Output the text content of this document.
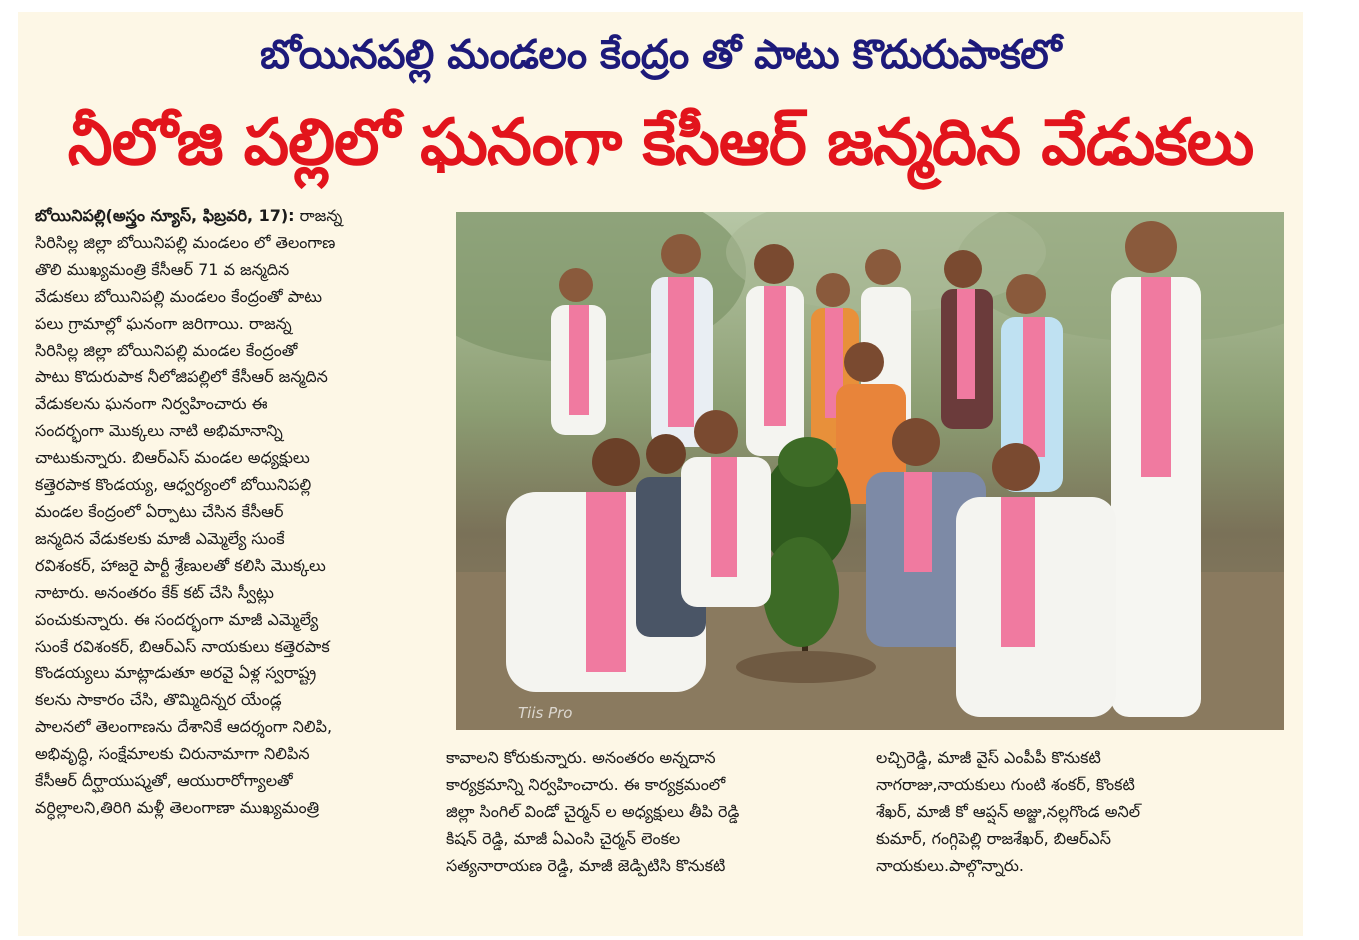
బోయినపల్లి మండలం కేంద్రం తో పాటు కొదురుపాకలో
నీలోజి పల్లిలో ఘనంగా కేసీఆర్ జన్మదిన వేడుకలు

బోయినిపల్లి(అస్త్రం న్యూస్, ఫిబ్రవరి, 17): రాజన్న

సిరిసిల్ల జిల్లా బోయినిపల్లి మండలం లో తెలంగాణ

తొలి ముఖ్యమంత్రి కేసీఆర్ 71 వ జన్మదిన

వేడుకలు బోయినిపల్లి మండలం కేంద్రంతో పాటు

పలు గ్రామాల్లో ఘనంగా జరిగాయి. రాజన్న

సిరిసిల్ల జిల్లా బోయినిపల్లి మండల కేంద్రంతో

పాటు కొదురుపాక నీలోజిపల్లిలో కేసీఆర్ జన్మదిన

వేడుకలను ఘనంగా నిర్వహించారు ఈ

సందర్భంగా మొక్కలు నాటి అభిమానాన్ని

చాటుకున్నారు. బిఆర్ఎస్ మండల అధ్యక్షులు

కత్తెరపాక కొండయ్య, ఆధ్వర్యంలో బోయినిపల్లి

మండల కేంద్రంలో ఏర్పాటు చేసిన కేసీఆర్

జన్మదిన వేడుకలకు మాజీ ఎమ్మెల్యే సుంకే

రవిశంకర్, హాజరై పార్టీ శ్రేణులతో కలిసి మొక్కలు

నాటారు. అనంతరం కేక్ కట్ చేసి స్వీట్లు

పంచుకున్నారు. ఈ సందర్భంగా మాజీ ఎమ్మెల్యే

సుంకే రవిశంకర్, బిఆర్ఎస్ నాయకులు కత్తెరపాక

కొండయ్యలు మాట్లాడుతూ అరవై ఏళ్ల స్వరాష్ట్ర

కలను సాకారం చేసి, తొమ్మిదిన్నర యేండ్ల

పాలనలో తెలంగాణను దేశానికే ఆదర్శంగా నిలిపి,

అభివృద్ధి, సంక్షేమాలకు చిరునామాగా నిలిపిన

కేసీఆర్ దీర్ఘాయుష్మతో, ఆయురారోగ్యాలతో

వర్ధిల్లాలని,తిరిగి మళ్లీ తెలంగాణా ముఖ్యమంత్రి

Tiis Pro
కావాలని కోరుకున్నారు. అనంతరం అన్నదాన
కార్యక్రమాన్ని నిర్వహించారు. ఈ కార్యక్రమంలో
జిల్లా సింగిల్ విండో చైర్మన్ ల అధ్యక్షులు తీపి రెడ్డి
కిషన్ రెడ్డి, మాజీ ఏఎంసి చైర్మన్ లెంకల
సత్యనారాయణ రెడ్డి, మాజీ జెడ్పిటిసి కొనుకటి
లచ్చిరెడ్డి, మాజీ వైస్ ఎంపీపీ కొనుకటి
నాగరాజు,నాయకులు గుంటి శంకర్, కొంకటి
శేఖర్, మాజీ కో ఆప్షన్ అజ్జు,నల్లగొండ అనిల్
కుమార్, గంగ్గిపెల్లి రాజశేఖర్, బిఆర్ఎస్
నాయకులు.పాల్గొన్నారు.
